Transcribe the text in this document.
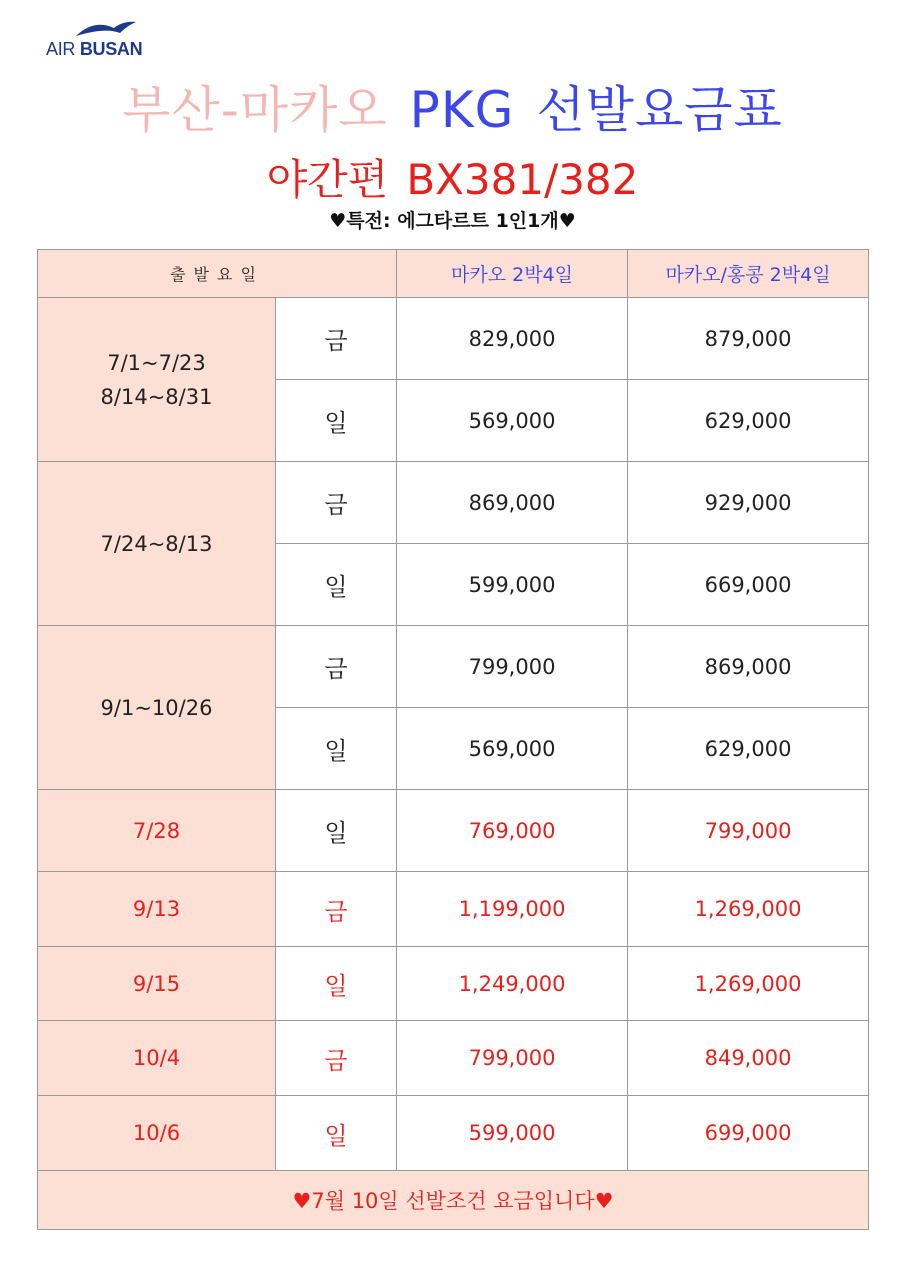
AIR BUSAN
부산-마카오 PKG 선발요금표
야간편 BX381/382
♥특전: 에그타르트 1인1개♥
출발요일		마카오 2박4일	마카오/홍콩 2박4일

7/1~7/23
8/14~8/31	금	829,000	879,000
	일	569,000	629,000

7/24~8/13	금	869,000	929,000
	일	599,000	669,000

9/1~10/26	금	799,000	869,000
	일	569,000	629,000
7/28	일	769,000	799,000
9/13	금	1,199,000	1,269,000
9/15	일	1,249,000	1,269,000
10/4	금	799,000	849,000
10/6	일	599,000	699,000
♥7월 10일 선발조건 요금입니다♥			
